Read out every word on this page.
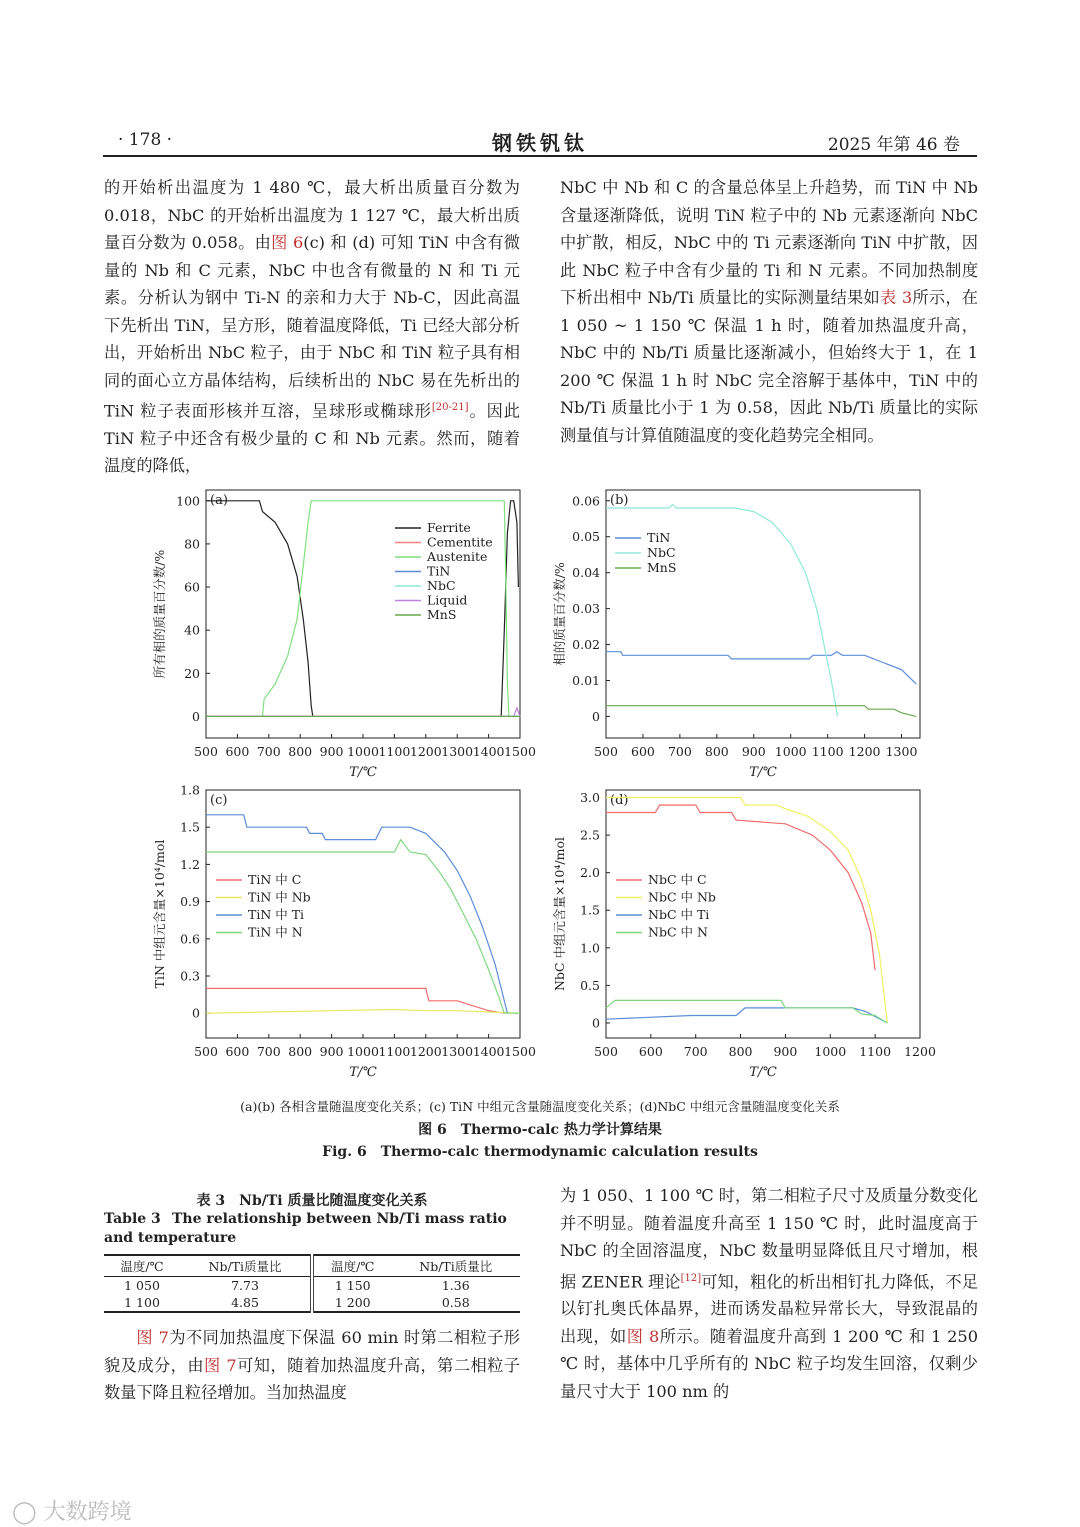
· 178 ·	钢铁钒钛	2025 年第 46 卷

的开始析出温度为 1 480 ℃，最大析出质量百分数为 0.018，NbC 的开始析出温度为 1 127 ℃，最大析出质量百分数为 0.058。由图 6(c) 和 (d) 可知 TiN 中含有微量的 Nb 和 C 元素，NbC 中也含有微量的 N 和 Ti 元素。分析认为钢中 Ti-N 的亲和力大于 Nb-C，因此高温下先析出 TiN，呈方形，随着温度降低，Ti 已经大部分析出，开始析出 NbC 粒子，由于 NbC 和 TiN 粒子具有相同的面心立方晶体结构，后续析出的 NbC 易在先析出的 TiN 粒子表面形核并互溶，呈球形或椭球形[20-21]。因此 TiN 粒子中还含有极少量的 C 和 Nb 元素。然而，随着温度的降低，

NbC 中 Nb 和 C 的含量总体呈上升趋势，而 TiN 中 Nb 含量逐渐降低，说明 TiN 粒子中的 Nb 元素逐渐向 NbC 中扩散，相反，NbC 中的 Ti 元素逐渐向 TiN 中扩散，因此 NbC 粒子中含有少量的 Ti 和 N 元素。不同加热制度下析出相中 Nb/Ti 质量比的实际测量结果如表 3所示，在 1 050 ~ 1 150 ℃ 保温 1 h 时，随着加热温度升高，NbC 中的 Nb/Ti 质量比逐渐减小，但始终大于 1，在 1 200 ℃ 保温 1 h 时 NbC 完全溶解于基体中，TiN 中的 Nb/Ti 质量比小于 1 为 0.58，因此 Nb/Ti 质量比的实际测量值与计算值随温度的变化趋势完全相同。

500 600 700 800 900 1000 1100 1200 1300 1400 1500
0
20
40
60
80
100
T/℃
所有相的质量百分数/%
(a)
Ferrite
Cementite
Austenite
TiN
NbC
Liquid
MnS
500 600 700 800 900 1000 1100 1200 1300
0
0.01
0.02
0.03
0.04
0.05
0.06
T/℃
相的质量百分数/%
(b)
TiN
NbC
MnS
500 600 700 800 900 1000 1100 1200 1300 1400 1500
0
0.3
0.6
0.9
1.2
1.5
1.8
T/℃
TiN 中组元含量×10⁴/mol
(c)
TiN 中 C
TiN 中 Nb
TiN 中 Ti
TiN 中 N
500 600 700 800 900 1000 1100 1200
0
0.5
1.0
1.5
2.0
2.5
3.0
T/℃
NbC 中组元含量×10⁴/mol
(d)
NbC 中 C
NbC 中 Nb
NbC 中 Ti
NbC 中 N
(a)(b) 各相含量随温度变化关系；(c) TiN 中组元含量随温度变化关系；(d)NbC 中组元含量随温度变化关系
图 6　Thermo-calc 热力学计算结果
Fig. 6　Thermo-calc thermodynamic calculation results
表 3　Nb/Ti 质量比随温度变化关系
Table 3 The relationship between Nb/Ti mass ratio and temperature
温度/℃	Nb/Ti质量比	温度/℃	Nb/Ti质量比
1 050	7.73	1 150	1.36
1 100	4.85	1 200	0.58

图 7为不同加热温度下保温 60 min 时第二相粒子形貌及成分，由图 7可知，随着加热温度升高，第二相粒子数量下降且粒径增加。当加热温度

为 1 050、1 100 ℃ 时，第二相粒子尺寸及质量分数变化并不明显。随着温度升高至 1 150 ℃ 时，此时温度高于 NbC 的全固溶温度，NbC 数量明显降低且尺寸增加，根据 ZENER 理论[12]可知，粗化的析出相钉扎力降低，不足以钉扎奥氏体晶界，进而诱发晶粒异常长大，导致混晶的出现，如图 8所示。随着温度升高到 1 200 ℃ 和 1 250 ℃ 时，基体中几乎所有的 NbC 粒子均发生回溶，仅剩少量尺寸大于 100 nm 的

◯ 大数跨境
